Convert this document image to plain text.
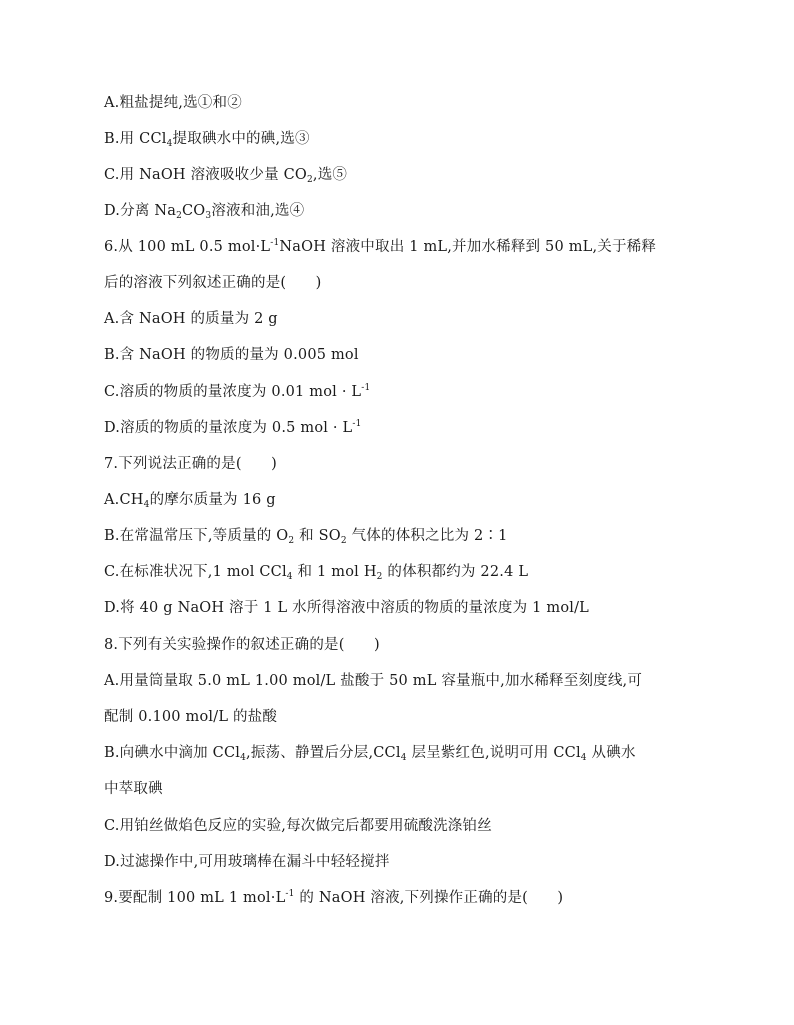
A.粗盐提纯,选①和②
B.用 CCl$_4$提取碘水中的碘,选③
C.用 NaOH 溶液吸收少量 $CO_2$,选⑤
D.分离 $Na_2CO_3$溶液和油,选④
6.从 100 mL 0.5 $mol\cdot L^{-1}NaOH$ 溶液中取出 1 mL,并加水稀释到 50 mL,关于稀释
后的溶液下列叙述正确的是(　　)
A.含 NaOH 的质量为 2 g
B.含 NaOH 的物质的量为 0.005 mol
C.溶质的物质的量浓度为 0.01 mol · $L^{-1}$
D.溶质的物质的量浓度为 0.5 mol · $L^{-1}$
7.下列说法正确的是(　　)
$A.CH_4$的摩尔质量为 16 g
B.在常温常压下,等质量的 $O_2$ 和 $SO_2$ 气体的体积之比为 2∶1
C.在标准状况下,1 mol CCl$_4$ 和 1 mol $H_2$ 的体积都约为 22.4 L
D.将 40 g NaOH 溶于 1 L 水所得溶液中溶质的物质的量浓度为 1 mol/L
8.下列有关实验操作的叙述正确的是(　　)
A.用量筒量取 5.0 mL 1.00 mol/L 盐酸于 50 mL 容量瓶中,加水稀释至刻度线,可
配制 0.100 mol/L 的盐酸
B.向碘水中滴加 CCl$_4$,振荡、静置后分层,CCl$_4$ 层呈紫红色,说明可用 CCl$_4$ 从碘水
中萃取碘
C.用铂丝做焰色反应的实验,每次做完后都要用硫酸洗涤铂丝
D.过滤操作中,可用玻璃棒在漏斗中轻轻搅拌
9.要配制 100 mL 1 $mol\cdot L^{-1}$ 的 NaOH 溶液,下列操作正确的是(　　)
